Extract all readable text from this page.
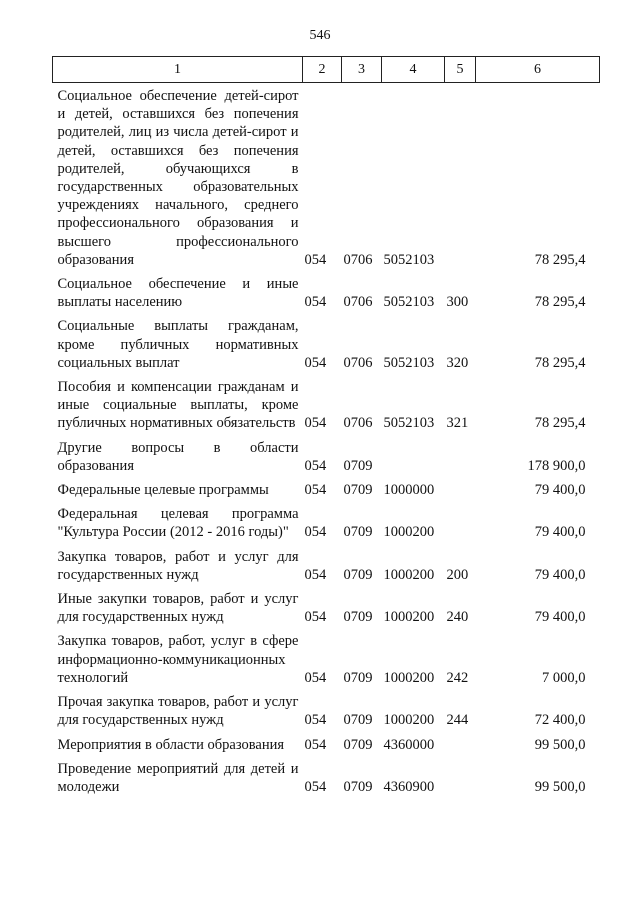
546
1	2	3	4	5	6
Социальное обеспечение детей-сирот и детей, оставшихся без попечения родителей, лиц из числа детей-сирот и детей, оставшихся без попечения родителей, обучающихся в государственных образовательных учреждениях начального, среднего профессионального образования и высшего профессионального образования	054	0706	5052103		78 295,4
Социальное обеспечение и иные выплаты населению	054	0706	5052103	300	78 295,4
Социальные выплаты гражданам, кроме публичных нормативных социальных выплат	054	0706	5052103	320	78 295,4
Пособия и компенсации гражданам и иные социальные выплаты, кроме публичных нормативных обязательств	054	0706	5052103	321	78 295,4
Другие вопросы в области образования	054	0709			178 900,0
Федеральные целевые программы	054	0709	1000000		79 400,0
Федеральная целевая программа "Культура России (2012 - 2016 годы)"	054	0709	1000200		79 400,0
Закупка товаров, работ и услуг для государственных нужд	054	0709	1000200	200	79 400,0
Иные закупки товаров, работ и услуг для государственных нужд	054	0709	1000200	240	79 400,0
Закупка товаров, работ, услуг в сфере информационно-коммуникационных технологий	054	0709	1000200	242	7 000,0
Прочая закупка товаров, работ и услуг для государственных нужд	054	0709	1000200	244	72 400,0
Мероприятия в области образования	054	0709	4360000		99 500,0
Проведение мероприятий для детей и молодежи	054	0709	4360900		99 500,0
